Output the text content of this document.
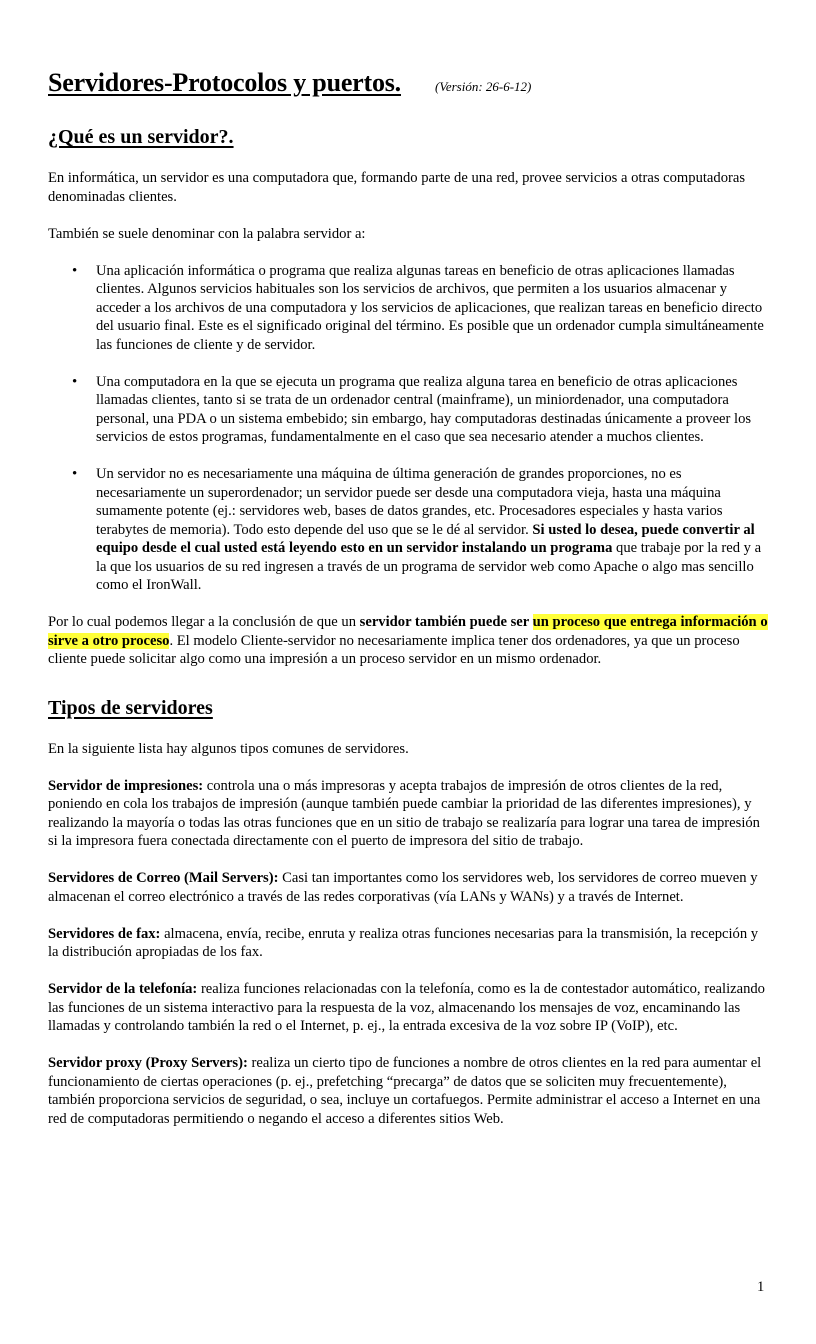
Servidores-Protocolos y puertos.	(Versión: 26-6-12)
¿Qué es un servidor?.

En informática, un servidor es una computadora que, formando parte de una red, provee servicios a otras computadoras denominadas clientes.

También se suele denominar con la palabra servidor a:

• Una aplicación informática o programa que realiza algunas tareas en beneficio de otras aplicaciones llamadas clientes. Algunos servicios habituales son los servicios de archivos, que permiten a los usuarios almacenar y acceder a los archivos de una computadora y los servicios de aplicaciones, que realizan tareas en beneficio directo del usuario final. Este es el significado original del término. Es posible que un ordenador cumpla simultáneamente las funciones de cliente y de servidor.
• Una computadora en la que se ejecuta un programa que realiza alguna tarea en beneficio de otras aplicaciones llamadas clientes, tanto si se trata de un ordenador central (mainframe), un miniordenador, una computadora personal, una PDA o un sistema embebido; sin embargo, hay computadoras destinadas únicamente a proveer los servicios de estos programas, fundamentalmente en el caso que sea necesario atender a muchos clientes.
• Un servidor no es necesariamente una máquina de última generación de grandes proporciones, no es necesariamente un superordenador; un servidor puede ser desde una computadora vieja, hasta una máquina sumamente potente (ej.: servidores web, bases de datos grandes, etc. Procesadores especiales y hasta varios terabytes de memoria). Todo esto depende del uso que se le dé al servidor. Si usted lo desea, puede convertir al equipo desde el cual usted está leyendo esto en un servidor instalando un programa que trabaje por la red y a la que los usuarios de su red ingresen a través de un programa de servidor web como Apache o algo mas sencillo como el IronWall.

Por lo cual podemos llegar a la conclusión de que un servidor también puede ser un proceso que entrega información o sirve a otro proceso. El modelo Cliente-servidor no necesariamente implica tener dos ordenadores, ya que un proceso cliente puede solicitar algo como una impresión a un proceso servidor en un mismo ordenador.

Tipos de servidores

En la siguiente lista hay algunos tipos comunes de servidores.

Servidor de impresiones: controla una o más impresoras y acepta trabajos de impresión de otros clientes de la red, poniendo en cola los trabajos de impresión (aunque también puede cambiar la prioridad de las diferentes impresiones), y realizando la mayoría o todas las otras funciones que en un sitio de trabajo se realizaría para lograr una tarea de impresión si la impresora fuera conectada directamente con el puerto de impresora del sitio de trabajo.

Servidores de Correo (Mail Servers): Casi tan importantes como los servidores web, los servidores de correo mueven y almacenan el correo electrónico a través de las redes corporativas (vía LANs y WANs) y a través de Internet.

Servidores de fax: almacena, envía, recibe, enruta y realiza otras funciones necesarias para la transmisión, la recepción y la distribución apropiadas de los fax.

Servidor de la telefonía: realiza funciones relacionadas con la telefonía, como es la de contestador automático, realizando las funciones de un sistema interactivo para la respuesta de la voz, almacenando los mensajes de voz, encaminando las llamadas y controlando también la red o el Internet, p. ej., la entrada excesiva de la voz sobre IP (VoIP), etc.

Servidor proxy (Proxy Servers): realiza un cierto tipo de funciones a nombre de otros clientes en la red para aumentar el funcionamiento de ciertas operaciones (p. ej., prefetching “precarga” de datos que se soliciten muy frecuentemente), también proporciona servicios de seguridad, o sea, incluye un cortafuegos. Permite administrar el acceso a Internet en una red de computadoras permitiendo o negando el acceso a diferentes sitios Web.

1
